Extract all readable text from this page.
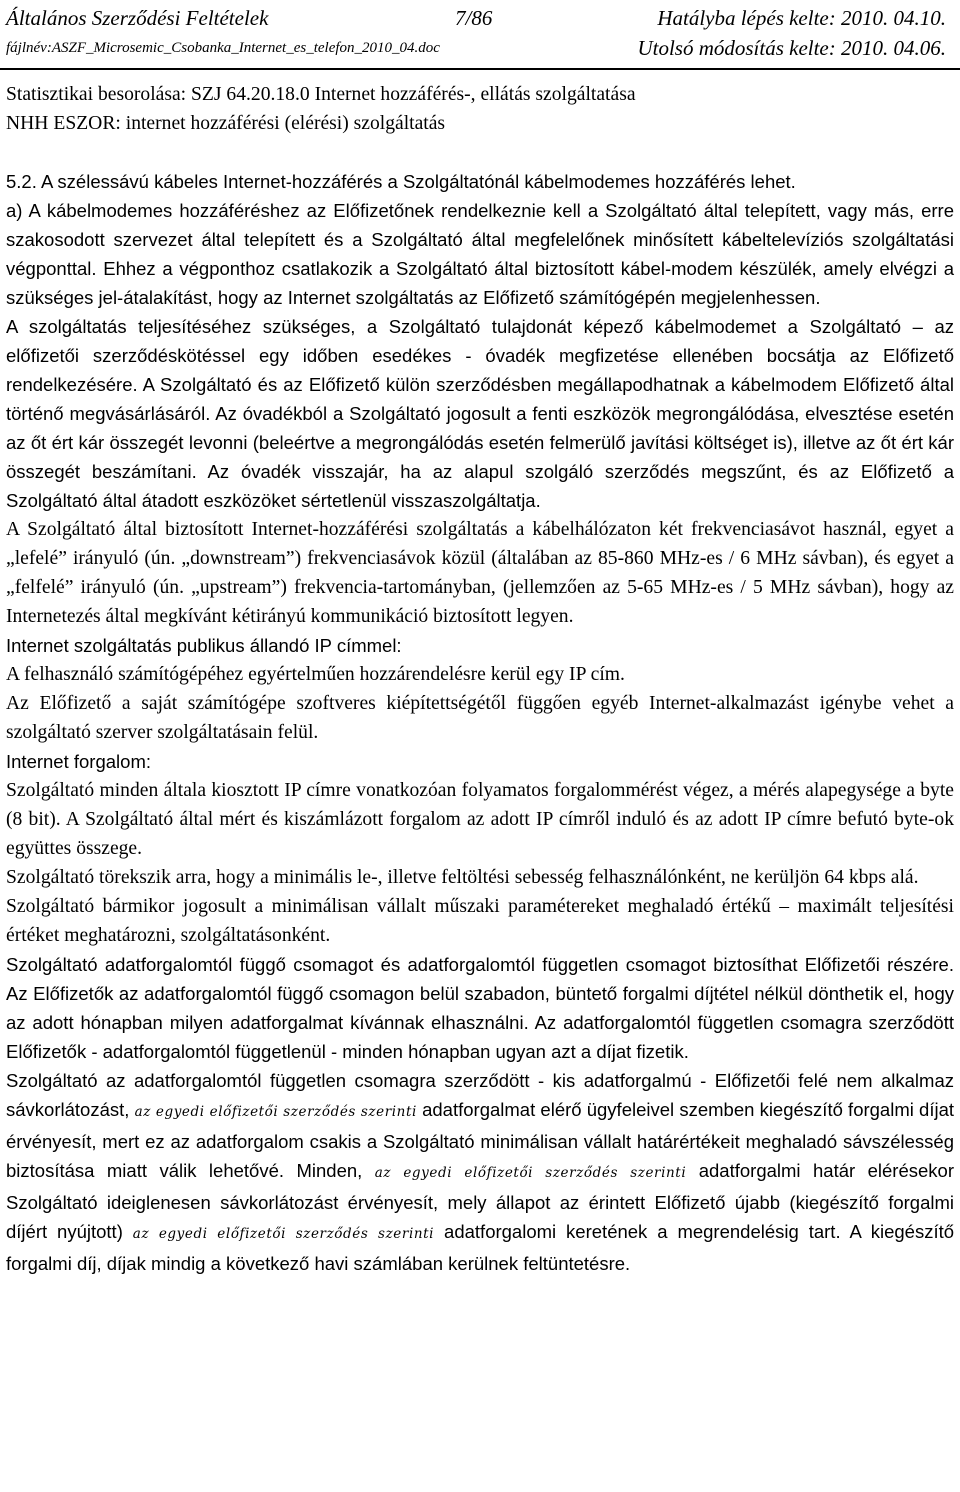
Általános Szerződési Feltételek	7/86	Hatályba lépés kelte: 2010. 04.10.
fájlnév:ASZF_Microsemic_Csobanka_Internet_es_telefon_2010_04.doc	Utolsó módosítás kelte: 2010. 04.06.

Statisztikai besorolása: SZJ 64.20.18.0 Internet hozzáférés-, ellátás szolgáltatása

NHH ESZOR: internet hozzáférési (elérési) szolgáltatás

5.2. A szélessávú kábeles Internet-hozzáférés a Szolgáltatónál kábelmodemes hozzáférés lehet.

a) A kábelmodemes hozzáféréshez az Előfizetőnek rendelkeznie kell a Szolgáltató által telepített, vagy más, erre szakosodott szervezet által telepített és a Szolgáltató által megfelelőnek minősített kábeltelevíziós szolgáltatási végponttal. Ehhez a végponthoz csatlakozik a Szolgáltató által biztosított kábel-modem készülék, amely elvégzi a szükséges jel-átalakítást, hogy az Internet szolgáltatás az Előfizető számítógépén megjelenhessen.

A szolgáltatás teljesítéséhez szükséges, a Szolgáltató tulajdonát képező kábelmodemet a Szolgáltató – az előfizetői szerződéskötéssel egy időben esedékes - óvadék megfizetése ellenében bocsátja az Előfizető rendelkezésére. A Szolgáltató és az Előfizető külön szerződésben megállapodhatnak a kábelmodem Előfizető által történő megvásárlásáról. Az óvadékból a Szolgáltató jogosult a fenti eszközök megrongálódása, elvesztése esetén az őt ért kár összegét levonni (beleértve a megrongálódás esetén felmerülő javítási költséget is), illetve az őt ért kár összegét beszámítani. Az óvadék visszajár, ha az alapul szolgáló szerződés megszűnt, és az Előfizető a Szolgáltató által átadott eszközöket sértetlenül visszaszolgáltatja.

A Szolgáltató által biztosított Internet-hozzáférési szolgáltatás a kábelhálózaton két frekvenciasávot használ, egyet a „lefelé” irányuló (ún. „downstream”) frekvenciasávok közül (általában az 85-860 MHz-es / 6 MHz sávban), és egyet a „felfelé” irányuló (ún. „upstream”) frekvencia-tartományban, (jellemzően az 5-65 MHz-es / 5 MHz sávban), hogy az Internetezés által megkívánt kétirányú kommunikáció biztosított legyen.

Internet szolgáltatás publikus állandó IP címmel:

A felhasználó számítógépéhez egyértelműen hozzárendelésre kerül egy IP cím.

Az Előfizető a saját számítógépe szoftveres kiépítettségétől függően egyéb Internet-alkalmazást igénybe vehet a szolgáltató szerver szolgáltatásain felül.

Internet forgalom:

Szolgáltató minden általa kiosztott IP címre vonatkozóan folyamatos forgalommérést végez, a mérés alapegysége a byte (8 bit). A Szolgáltató által mért és kiszámlázott forgalom az adott IP címről induló és az adott IP címre befutó byte-ok együttes összege.

Szolgáltató törekszik arra, hogy a minimális le-, illetve feltöltési sebesség felhasználónként, ne kerüljön 64 kbps alá.

Szolgáltató bármikor jogosult a minimálisan vállalt műszaki paramétereket meghaladó értékű – maximált teljesítési értéket meghatározni, szolgáltatásonként.

Szolgáltató adatforgalomtól függő csomagot és adatforgalomtól független csomagot biztosíthat Előfizetői részére. Az Előfizetők az adatforgalomtól függő csomagon belül szabadon, büntető forgalmi díjtétel nélkül dönthetik el, hogy az adott hónapban milyen adatforgalmat kívánnak elhasználni. Az adatforgalomtól független csomagra szerződött Előfizetők - adatforgalomtól függetlenül - minden hónapban ugyan azt a díjat fizetik.

Szolgáltató az adatforgalomtól független csomagra szerződött - kis adatforgalmú - Előfizetői felé nem alkalmaz sávkorlátozást, az egyedi előfizetői szerződés szerinti adatforgalmat elérő ügyfeleivel szemben kiegészítő forgalmi díjat érvényesít, mert ez az adatforgalom csakis a Szolgáltató minimálisan vállalt határértékeit meghaladó sávszélesség biztosítása miatt válik lehetővé. Minden, az egyedi előfizetői szerződés szerinti adatforgalmi határ elérésekor Szolgáltató ideiglenesen sávkorlátozást érvényesít, mely állapot az érintett Előfizető újabb (kiegészítő forgalmi díjért nyújtott) az egyedi előfizetői szerződés szerinti adatforgalomi keretének a megrendelésig tart. A kiegészítő forgalmi díj, díjak mindig a következő havi számlában kerülnek feltüntetésre.
